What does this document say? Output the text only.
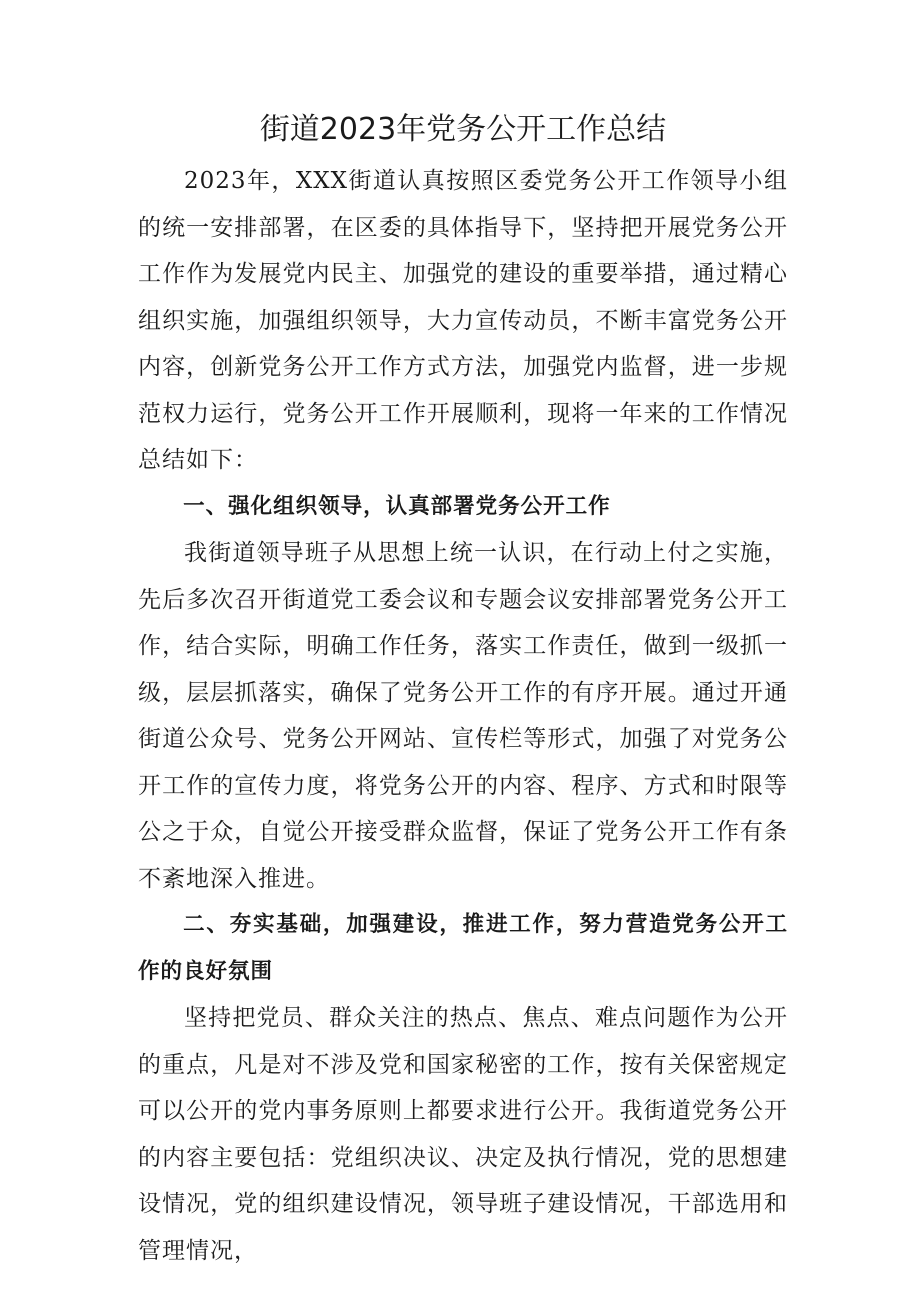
街道2023年党务公开工作总结

2023年，XXX街道认真按照区委党务公开工作领导小组的统一安排部署，在区委的具体指导下，坚持把开展党务公开工作作为发展党内民主、加强党的建设的重要举措，通过精心组织实施，加强组织领导，大力宣传动员，不断丰富党务公开内容，创新党务公开工作方式方法，加强党内监督，进一步规范权力运行，党务公开工作开展顺利，现将一年来的工作情况总结如下：

一、强化组织领导，认真部署党务公开工作

我街道领导班子从思想上统一认识，在行动上付之实施，先后多次召开街道党工委会议和专题会议安排部署党务公开工作，结合实际，明确工作任务，落实工作责任，做到一级抓一级，层层抓落实，确保了党务公开工作的有序开展。通过开通街道公众号、党务公开网站、宣传栏等形式，加强了对党务公开工作的宣传力度，将党务公开的内容、程序、方式和时限等公之于众，自觉公开接受群众监督，保证了党务公开工作有条不紊地深入推进。

二、夯实基础，加强建设，推进工作，努力营造党务公开工作的良好氛围

坚持把党员、群众关注的热点、焦点、难点问题作为公开的重点，凡是对不涉及党和国家秘密的工作，按有关保密规定可以公开的党内事务原则上都要求进行公开。我街道党务公开的内容主要包括：党组织决议、决定及执行情况，党的思想建设情况，党的组织建设情况，领导班子建设情况，干部选用和管理情况，
